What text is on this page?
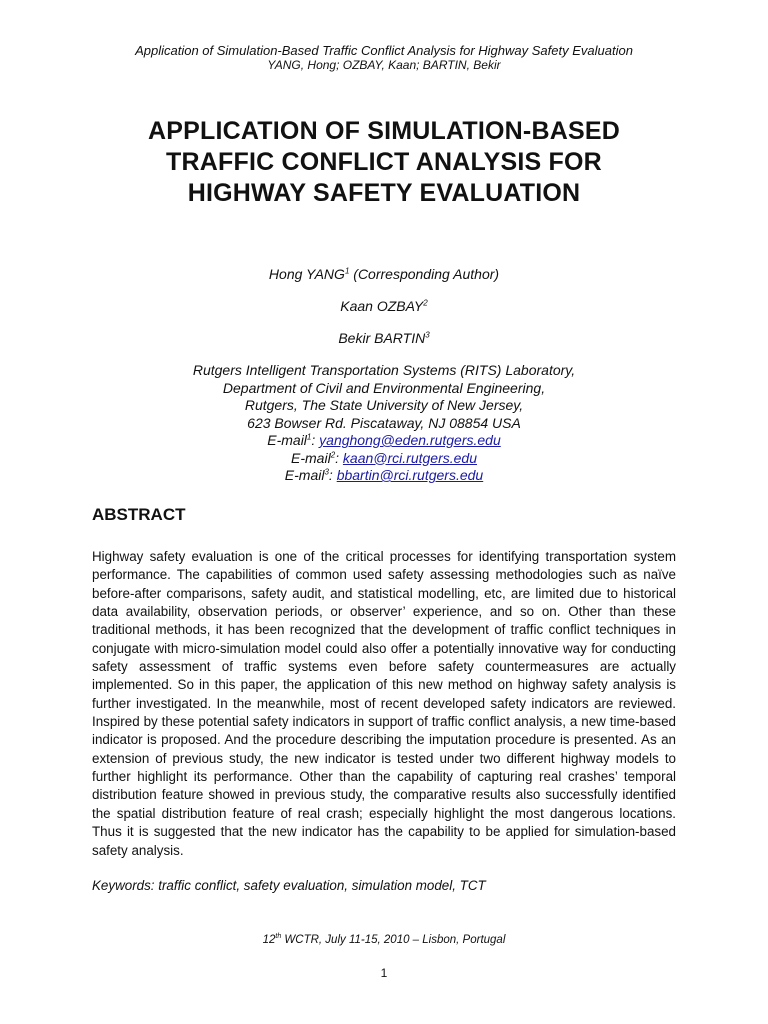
Application of Simulation-Based Traffic Conflict Analysis for Highway Safety Evaluation
YANG, Hong; OZBAY, Kaan; BARTIN, Bekir
APPLICATION OF SIMULATION-BASED
TRAFFIC CONFLICT ANALYSIS FOR
HIGHWAY SAFETY EVALUATION
Hong YANG$^1$ (Corresponding Author)
Kaan OZBAY$^2$
Bekir BARTIN$^3$
Rutgers Intelligent Transportation Systems (RITS) Laboratory,
Department of Civil and Environmental Engineering,
Rutgers, The State University of New Jersey,
623 Bowser Rd. Piscataway, NJ 08854 USA
E-mail$^1$: yanghong@eden.rutgers.edu
E-mail$^2$: kaan@rci.rutgers.edu
E-mail$^3$: bbartin@rci.rutgers.edu
ABSTRACT
Highway safety evaluation is one of the critical processes for identifying transportation system performance. The capabilities of common used safety assessing methodologies such as naïve before-after comparisons, safety audit, and statistical modelling, etc, are limited due to historical data availability, observation periods, or observer’ experience, and so on. Other than these traditional methods, it has been recognized that the development of traffic conflict techniques in conjugate with micro-simulation model could also offer a potentially innovative way for conducting safety assessment of traffic systems even before safety countermeasures are actually implemented. So in this paper, the application of this new method on highway safety analysis is further investigated. In the meanwhile, most of recent developed safety indicators are reviewed. Inspired by these potential safety indicators in support of traffic conflict analysis, a new time-based indicator is proposed. And the procedure describing the imputation procedure is presented. As an extension of previous study, the new indicator is tested under two different highway models to further highlight its performance. Other than the capability of capturing real crashes’ temporal distribution feature showed in previous study, the comparative results also successfully identified the spatial distribution feature of real crash; especially highlight the most dangerous locations. Thus it is suggested that the new indicator has the capability to be applied for simulation-based safety analysis.
Keywords: traffic conflict, safety evaluation, simulation model, TCT
12th WCTR, July 11-15, 2010 – Lisbon, Portugal
1
